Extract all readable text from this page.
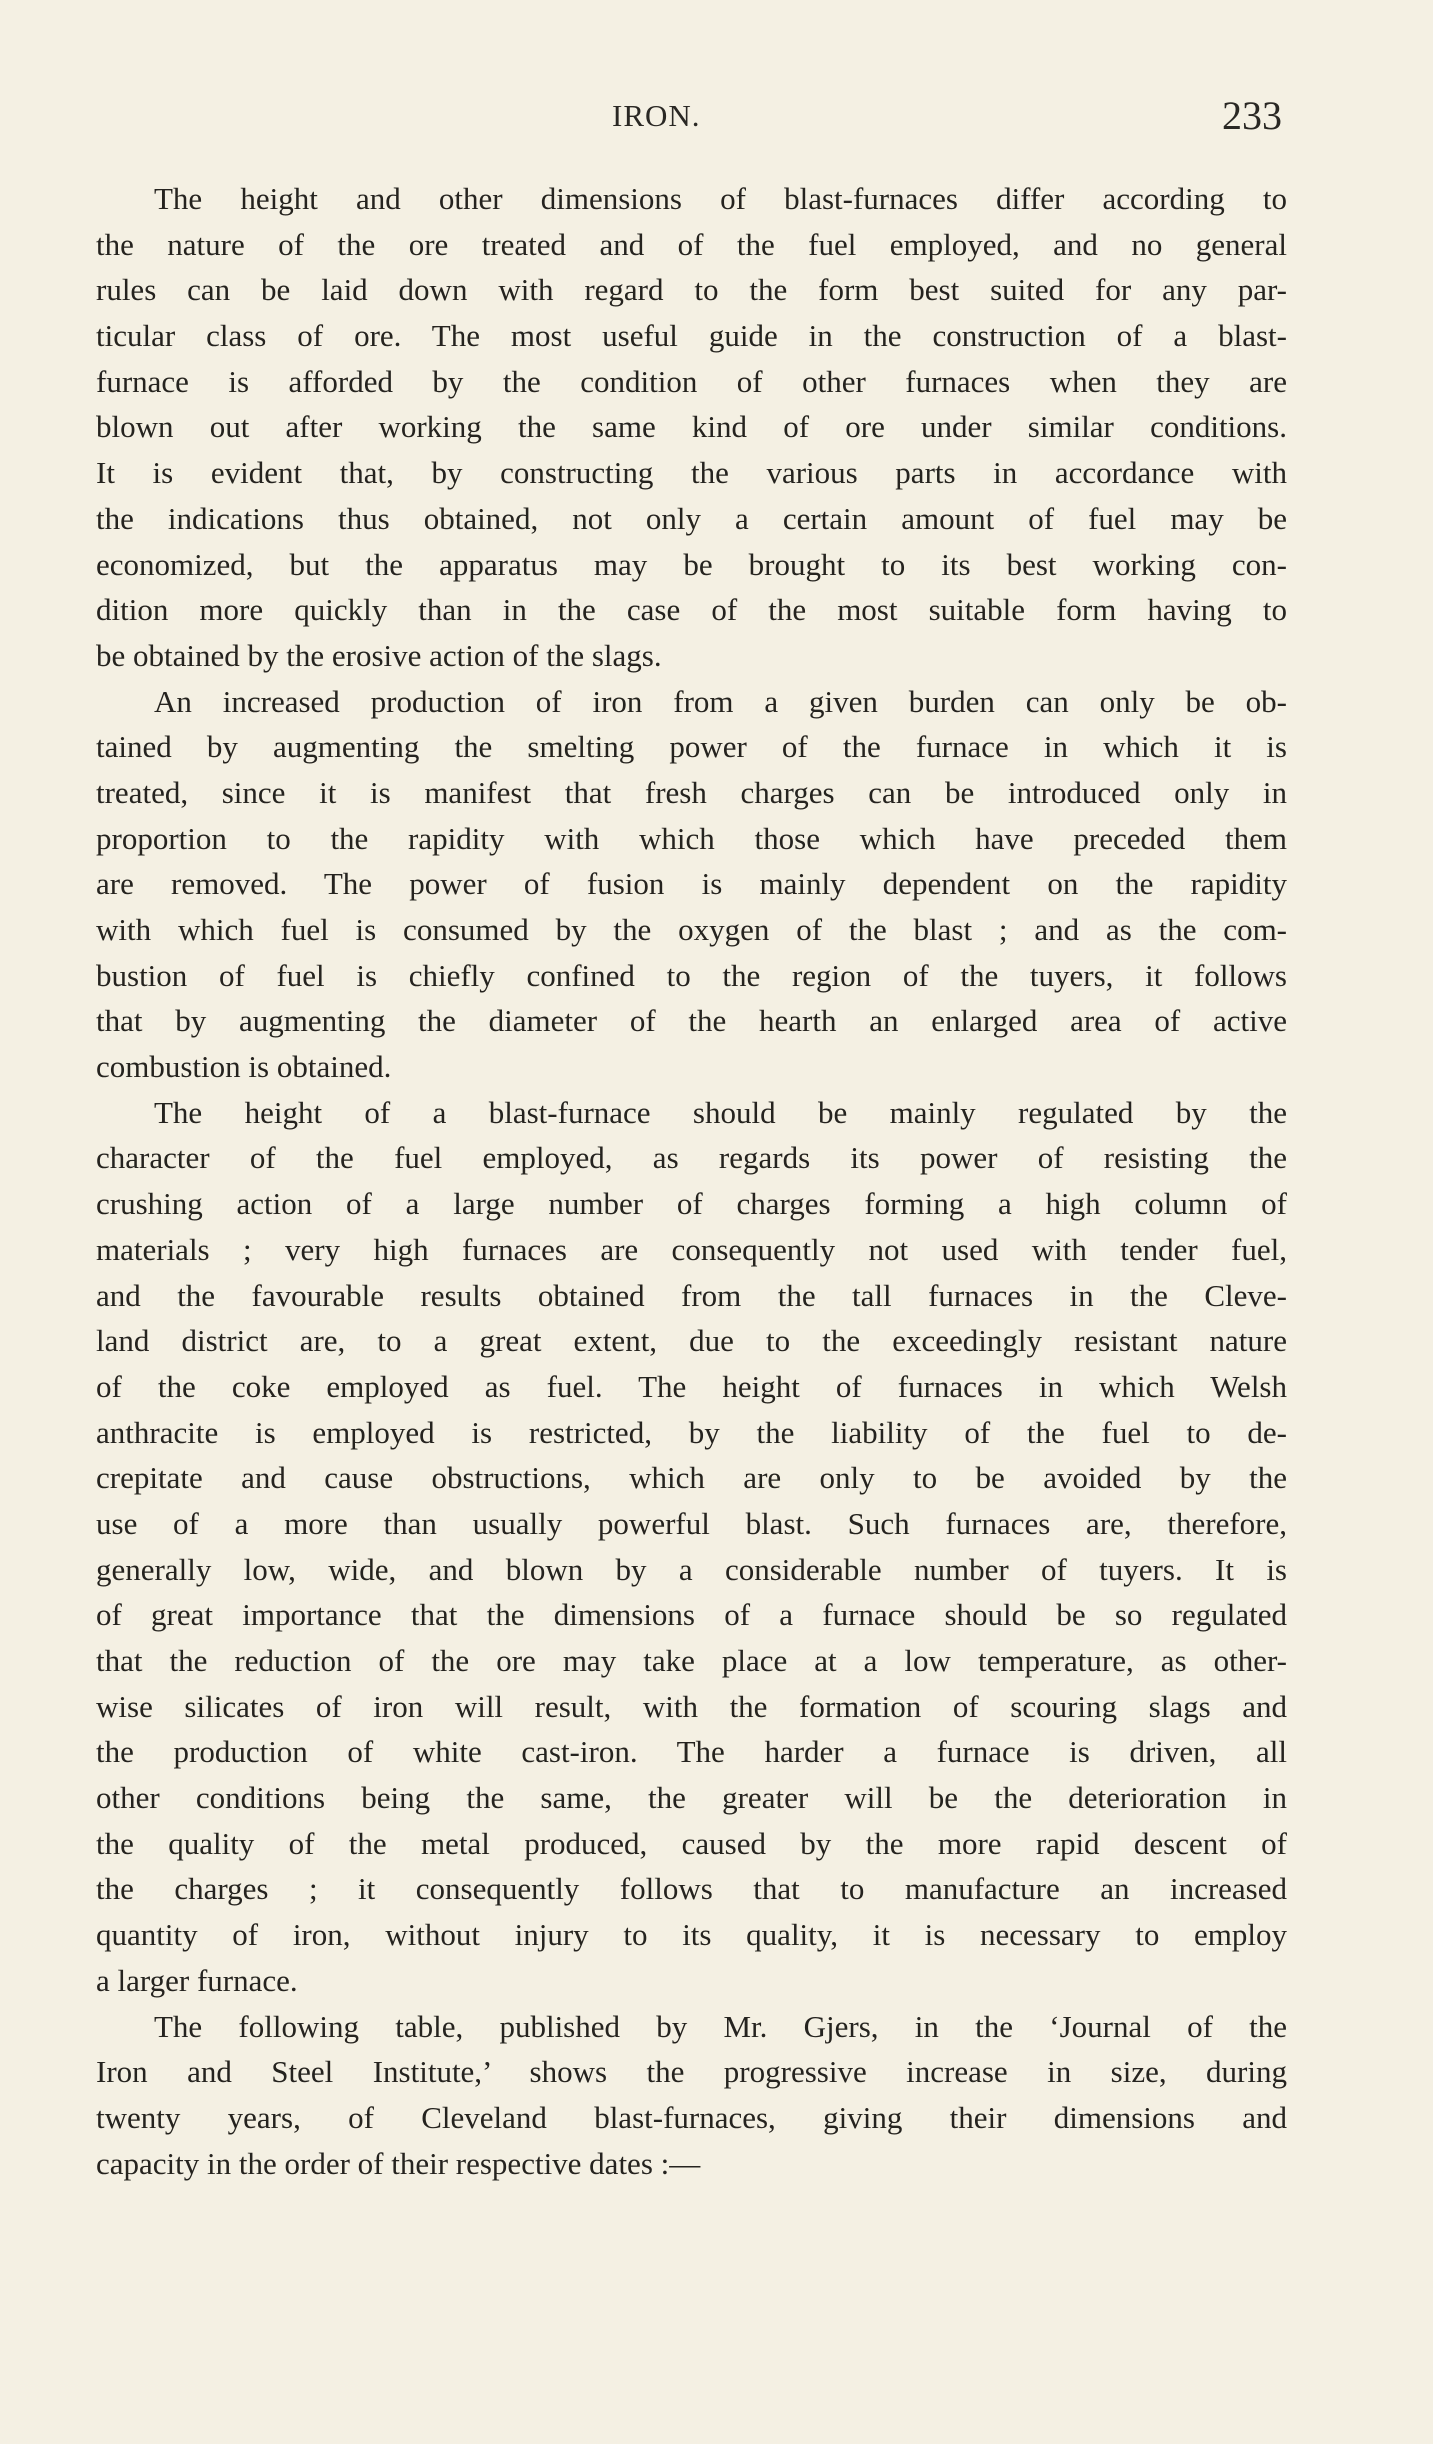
IRON.	233
The height and other dimensions of blast-furnaces differ according to
the nature of the ore treated and of the fuel employed, and no general
rules can be laid down with regard to the form best suited for any par-
ticular class of ore. The most useful guide in the construction of a blast-
furnace is afforded by the condition of other furnaces when they are
blown out after working the same kind of ore under similar conditions.
It is evident that, by constructing the various parts in accordance with
the indications thus obtained, not only a certain amount of fuel may be
economized, but the apparatus may be brought to its best working con-
dition more quickly than in the case of the most suitable form having to
be obtained by the erosive action of the slags.
An increased production of iron from a given burden can only be ob-
tained by augmenting the smelting power of the furnace in which it is
treated, since it is manifest that fresh charges can be introduced only in
proportion to the rapidity with which those which have preceded them
are removed. The power of fusion is mainly dependent on the rapidity
with which fuel is consumed by the oxygen of the blast ; and as the com-
bustion of fuel is chiefly confined to the region of the tuyers, it follows
that by augmenting the diameter of the hearth an enlarged area of active
combustion is obtained.
The height of a blast-furnace should be mainly regulated by the
character of the fuel employed, as regards its power of resisting the
crushing action of a large number of charges forming a high column of
materials ; very high furnaces are consequently not used with tender fuel,
and the favourable results obtained from the tall furnaces in the Cleve-
land district are, to a great extent, due to the exceedingly resistant nature
of the coke employed as fuel. The height of furnaces in which Welsh
anthracite is employed is restricted, by the liability of the fuel to de-
crepitate and cause obstructions, which are only to be avoided by the
use of a more than usually powerful blast. Such furnaces are, therefore,
generally low, wide, and blown by a considerable number of tuyers. It is
of great importance that the dimensions of a furnace should be so regulated
that the reduction of the ore may take place at a low temperature, as other-
wise silicates of iron will result, with the formation of scouring slags and
the production of white cast-iron. The harder a furnace is driven, all
other conditions being the same, the greater will be the deterioration in
the quality of the metal produced, caused by the more rapid descent of
the charges ; it consequently follows that to manufacture an increased
quantity of iron, without injury to its quality, it is necessary to employ
a larger furnace.
The following table, published by Mr. Gjers, in the ‘Journal of the
Iron and Steel Institute,’ shows the progressive increase in size, during
twenty years, of Cleveland blast-furnaces, giving their dimensions and
capacity in the order of their respective dates :—
